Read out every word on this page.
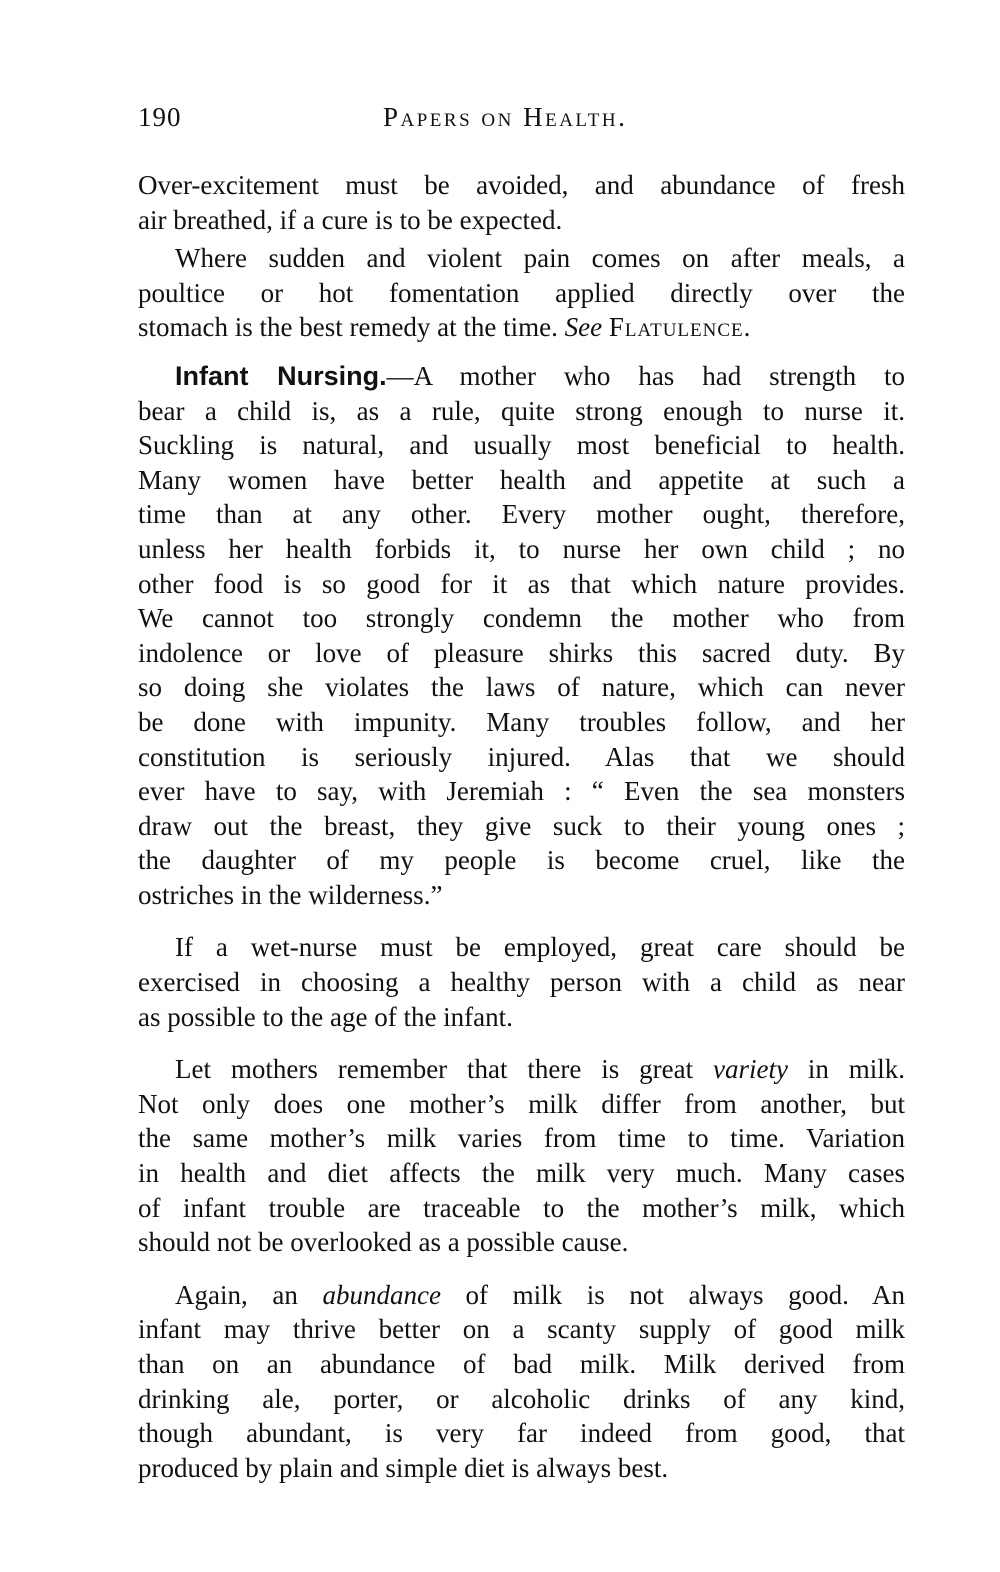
190	Papers on Health.
Over-excitement must be avoided, and abundance of fresh
air breathed, if a cure is to be expected.
Where sudden and violent pain comes on after meals, a
poultice or hot fomentation applied directly over the
stomach is the best remedy at the time. See Flatulence.
Infant Nursing.—A mother who has had strength to
bear a child is, as a rule, quite strong enough to nurse it.
Suckling is natural, and usually most beneficial to health.
Many women have better health and appetite at such a
time than at any other. Every mother ought, therefore,
unless her health forbids it, to nurse her own child ; no
other food is so good for it as that which nature provides.
We cannot too strongly condemn the mother who from
indolence or love of pleasure shirks this sacred duty. By
so doing she violates the laws of nature, which can never
be done with impunity. Many troubles follow, and her
constitution is seriously injured. Alas that we should
ever have to say, with Jeremiah : “ Even the sea monsters
draw out the breast, they give suck to their young ones ;
the daughter of my people is become cruel, like the
ostriches in the wilderness.”
If a wet-nurse must be employed, great care should be
exercised in choosing a healthy person with a child as near
as possible to the age of the infant.
Let mothers remember that there is great variety in milk.
Not only does one mother’s milk differ from another, but
the same mother’s milk varies from time to time. Variation
in health and diet affects the milk very much. Many cases
of infant trouble are traceable to the mother’s milk, which
should not be overlooked as a possible cause.
Again, an abundance of milk is not always good. An
infant may thrive better on a scanty supply of good milk
than on an abundance of bad milk. Milk derived from
drinking ale, porter, or alcoholic drinks of any kind,
though abundant, is very far indeed from good, that
produced by plain and simple diet is always best.
